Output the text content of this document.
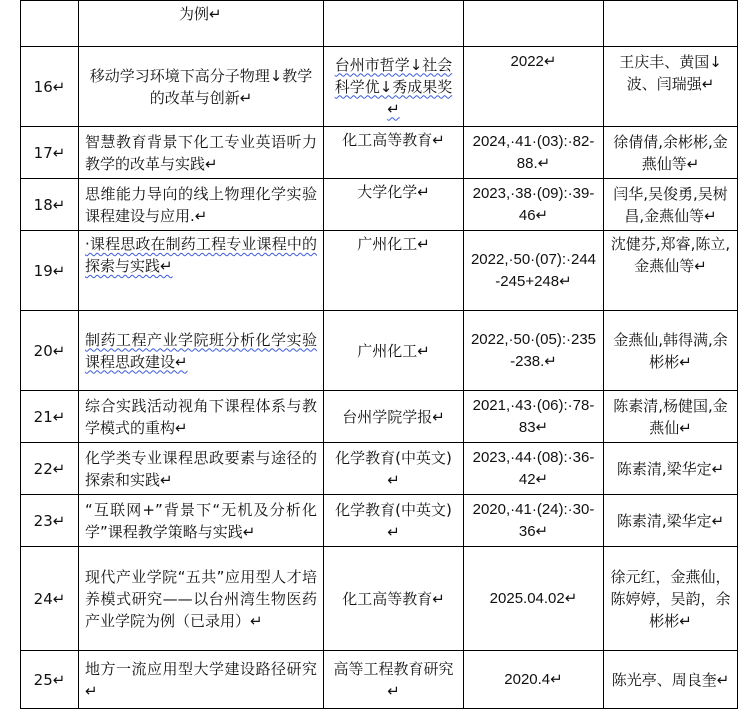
	为例↵			
16↵	移动学习环境下高分子物理↓教学的改革与创新↵	台州市哲学↓社会科学优↓秀成果奖↵	2022↵	王庆丰、黄国↓波、闫瑞强↵
17↵	智慧教育背景下化工专业英语听力教学的改革与实践↵	化工高等教育↵	2024,·41·(03):·82-88.↵	徐倩倩,余彬彬,金燕仙等↵
18↵	思维能力导向的线上物理化学实验课程建设与应用.↵	大学化学↵	2023,·38·(09):·39-46↵	闫华,吴俊勇,吴树昌,金燕仙等↵
19↵	·课程思政在制药工程专业课程中的探索与实践↵	广州化工↵	2022,·50·(07):·244-245+248↵	沈健芬,郑睿,陈立,金燕仙等↵
20↵	制药工程产业学院班分析化学实验课程思政建设↵	广州化工↵	2022,·50·(05):·235-238.↵	金燕仙,韩得满,余彬彬↵
21↵	综合实践活动视角下课程体系与教学模式的重构↵	台州学院学报↵	2021,·43·(06):·78-83↵	陈素清,杨健国,金燕仙↵
22↵	化学类专业课程思政要素与途径的探索和实践↵	化学教育(中英文)↵	2023,·44·(08):·36-42↵	陈素清,梁华定↵
23↵	“互联网+”背景下“无机及分析化学”课程教学策略与实践↵	化学教育(中英文)↵	2020,·41·(24):·30-36↵	陈素清,梁华定↵
24↵	现代产业学院“五共”应用型人才培养模式研究——以台州湾生物医药产业学院为例（已录用）↵	化工高等教育↵	2025.04.02↵	徐元红，金燕仙，陈婷婷，吴韵，余彬彬↵
25↵	地方一流应用型大学建设路径研究↵	高等工程教育研究↵	2020.4↵	陈光亭、周良奎↵
